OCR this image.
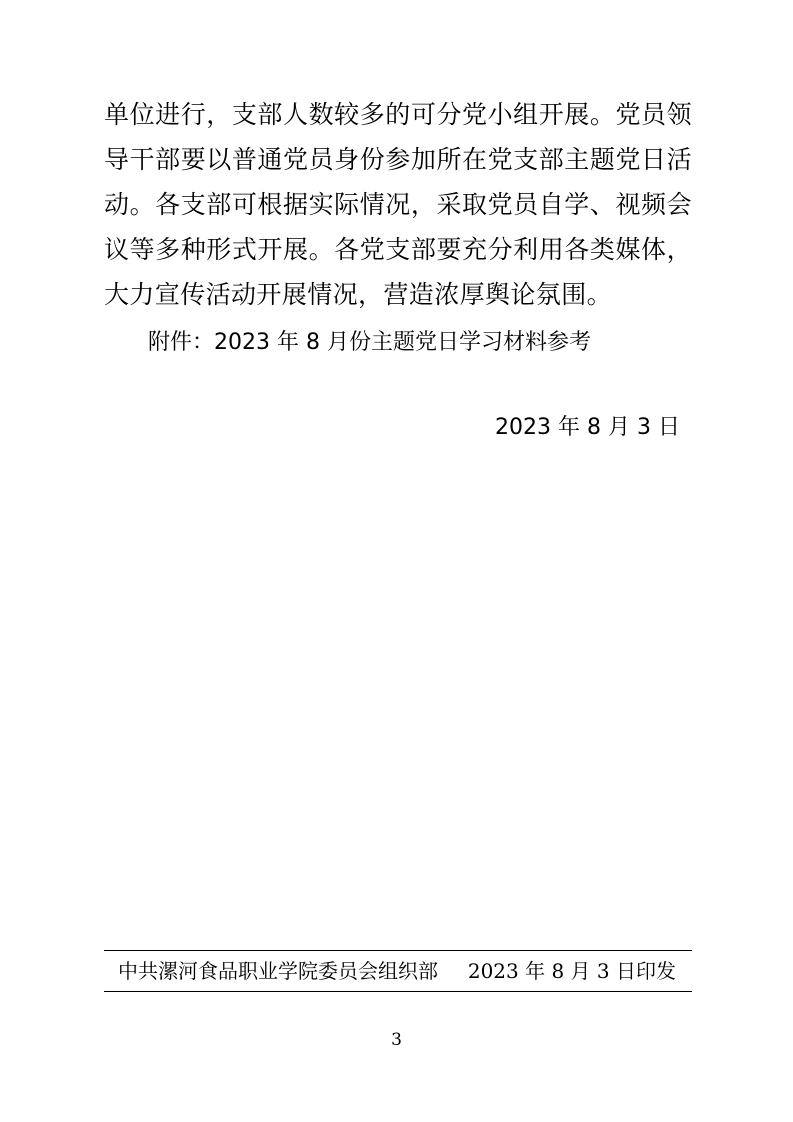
单位进行，支部人数较多的可分党小组开展。党员领导干部要以普通党员身份参加所在党支部主题党日活动。各支部可根据实际情况，采取党员自学、视频会议等多种形式开展。各党支部要充分利用各类媒体，大力宣传活动开展情况，营造浓厚舆论氛围。

附件：2023 年 8 月份主题党日学习材料参考
2023 年 8 月 3 日
中共漯河食品职业学院委员会组织部 2023 年 8 月 3 日印发
3
